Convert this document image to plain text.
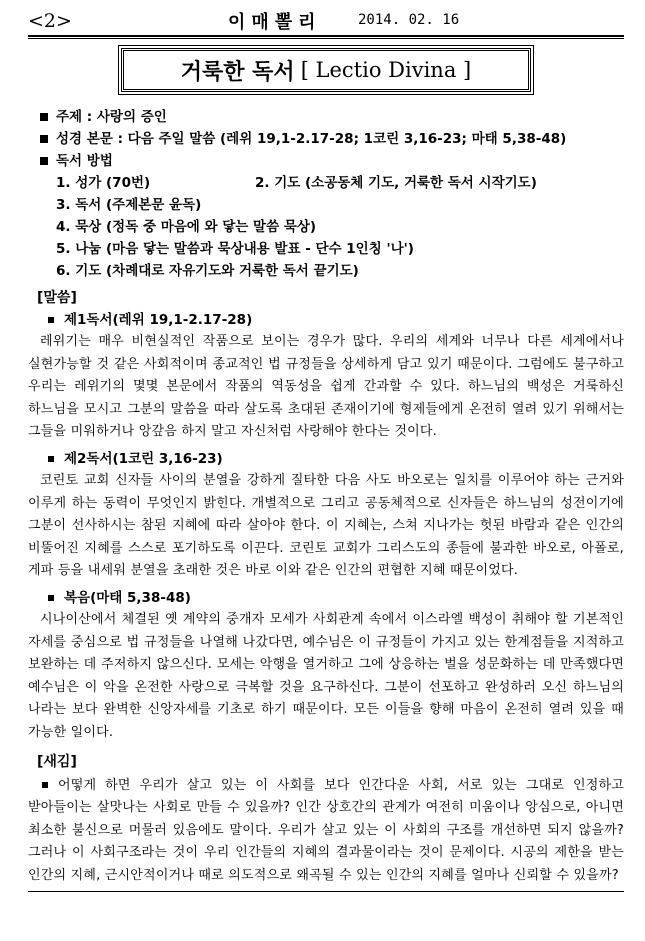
<2>	이매뽈리	2014. 02. 16
거룩한 독서 [ Lectio Divina ]
주제 : 사랑의 증인
성경 본문 : 다음 주일 말씀 (레위 19,1-2.17-28; 1코린 3,16-23; 마태 5,38-48)
독서 방법
1. 성가 (70번)	2. 기도 (소공동체 기도, 거룩한 독서 시작기도)
3. 독서 (주제본문 윤독)
4. 묵상 (정독 중 마음에 와 닿는 말씀 묵상)
5. 나눔 (마음 닿는 말씀과 묵상내용 발표 - 단수 1인칭 '나')
6. 기도 (차례대로 자유기도와 거룩한 독서 끝기도)
[말씀]
제1독서(레위 19,1-2.17-28)

레위기는 매우 비현실적인 작품으로 보이는 경우가 많다. 우리의 세계와 너무나 다른 세계에서나 실현가능할 것 같은 사회적이며 종교적인 법 규정들을 상세하게 담고 있기 때문이다. 그럼에도 불구하고 우리는 레위기의 몇몇 본문에서 작품의 역동성을 쉽게 간과할 수 있다. 하느님의 백성은 거룩하신 하느님을 모시고 그분의 말씀을 따라 살도록 초대된 존재이기에 형제들에게 온전히 열려 있기 위해서는 그들을 미워하거나 앙갚음 하지 말고 자신처럼 사랑해야 한다는 것이다.

제2독서(1코린 3,16-23)

코린토 교회 신자들 사이의 분열을 강하게 질타한 다음 사도 바오로는 일치를 이루어야 하는 근거와 이루게 하는 동력이 무엇인지 밝힌다. 개별적으로 그리고 공동체적으로 신자들은 하느님의 성전이기에 그분이 선사하시는 참된 지혜에 따라 살아야 한다. 이 지혜는, 스쳐 지나가는 헛된 바람과 같은 인간의 비뚤어진 지혜를 스스로 포기하도록 이끈다. 코린토 교회가 그리스도의 종들에 불과한 바오로, 아폴로, 게파 등을 내세워 분열을 초래한 것은 바로 이와 같은 인간의 편협한 지혜 때문이었다.

복음(마태 5,38-48)

시나이산에서 체결된 옛 계약의 중개자 모세가 사회관계 속에서 이스라엘 백성이 취해야 할 기본적인 자세를 중심으로 법 규정들을 나열해 나갔다면, 예수님은 이 규정들이 가지고 있는 한계점들을 지적하고 보완하는 데 주저하지 않으신다. 모세는 악행을 열거하고 그에 상응하는 벌을 성문화하는 데 만족했다면 예수님은 이 악을 온전한 사랑으로 극복할 것을 요구하신다. 그분이 선포하고 완성하러 오신 하느님의 나라는 보다 완벽한 신앙자세를 기초로 하기 때문이다. 모든 이들을 향해 마음이 온전히 열려 있을 때 가능한 일이다.

[새김]

어떻게 하면 우리가 살고 있는 이 사회를 보다 인간다운 사회, 서로 있는 그대로 인정하고 받아들이는 살맛나는 사회로 만들 수 있을까? 인간 상호간의 관계가 여전히 미움이나 앙심으로, 아니면 최소한 불신으로 머물러 있음에도 말이다. 우리가 살고 있는 이 사회의 구조를 개선하면 되지 않을까? 그러나 이 사회구조라는 것이 우리 인간들의 지혜의 결과물이라는 것이 문제이다. 시공의 제한을 받는 인간의 지혜, 근시안적이거나 때로 의도적으로 왜곡될 수 있는 인간의 지혜를 얼마나 신뢰할 수 있을까?
